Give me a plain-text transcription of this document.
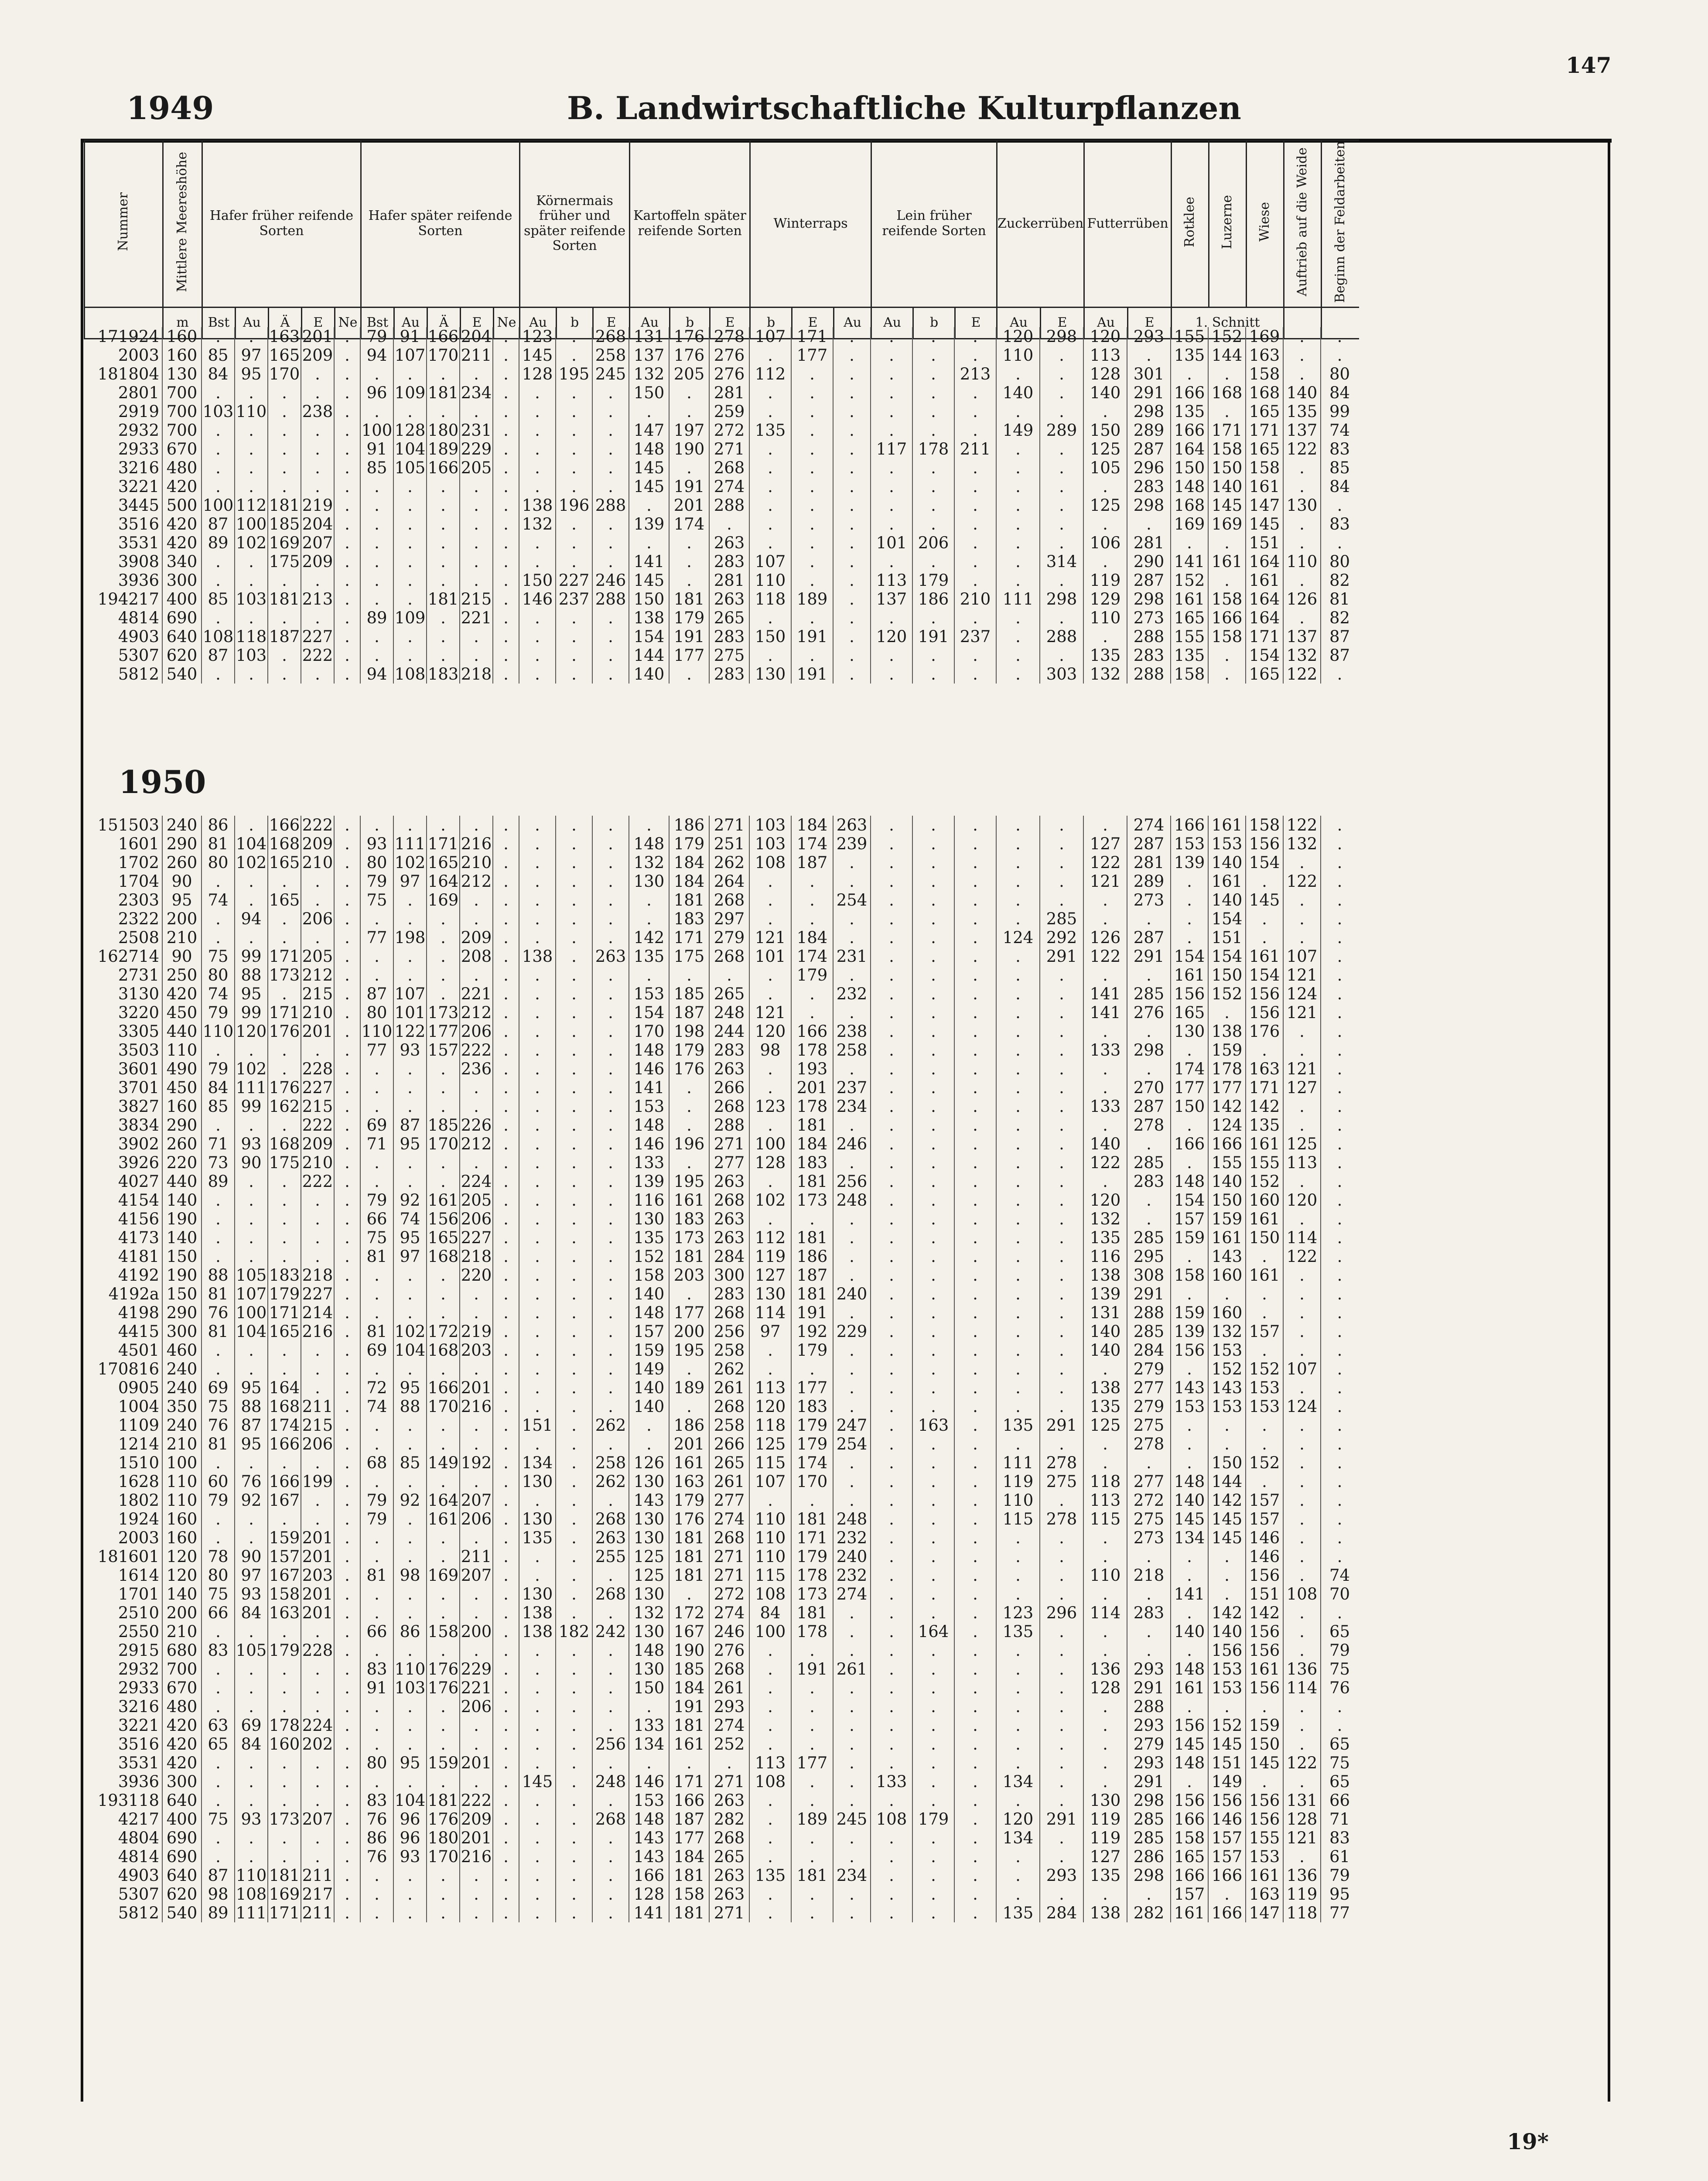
147
1949	B. Landwirtschaftliche Kulturpflanzen
Nummer	Mittlere Meereshöhe	Hafer früher reifende Sorten					Hafer später reifende Sorten					Körnermais früher und später reifende Sorten			Kartoffeln später reifende Sorten			Winterraps			Lein früher reifende Sorten			Zuckerrüben		Futterrüben		Rotklee	Luzerne	Wiese	Auftrieb auf die Weide	Beginn der Feldarbeiten
	m	Bst	Au	Ä	E	Ne	Bst	Au	Ä	E	Ne	Au	b	E	Au	b	E	b	E	Au	Au	b	E	Au	E	Au	E	1. Schnitt				
1950
171924	160	.	.	163	201	.	79	91	166	204	.	123	.	268	131	176	278	107	171	.	.	.	.	120	298	120	293	155	152	169	.	.
2003	160	85	97	165	209	.	94	107	170	211	.	145	.	258	137	176	276	.	177	.	.	.	.	110	.	113	.	135	144	163	.	.
181804	130	84	95	170	.	.	.	.	.	.	.	128	195	245	132	205	276	112	.	.	.	.	213	.	.	128	301	.	.	158	.	80
2801	700	.	.	.	.	.	96	109	181	234	.	.	.	.	150	.	281	.	.	.	.	.	.	140	.	140	291	166	168	168	140	84
2919	700	103	110	.	238	.	.	.	.	.	.	.	.	.	.	.	259	.	.	.	.	.	.	.	.	.	298	135	.	165	135	99
2932	700	.	.	.	.	.	100	128	180	231	.	.	.	.	147	197	272	135	.	.	.	.	.	149	289	150	289	166	171	171	137	74
2933	670	.	.	.	.	.	91	104	189	229	.	.	.	.	148	190	271	.	.	.	117	178	211	.	.	125	287	164	158	165	122	83
3216	480	.	.	.	.	.	85	105	166	205	.	.	.	.	145	.	268	.	.	.	.	.	.	.	.	105	296	150	150	158	.	85
3221	420	.	.	.	.	.	.	.	.	.	.	.	.	.	145	191	274	.	.	.	.	.	.	.	.	.	283	148	140	161	.	84
3445	500	100	112	181	219	.	.	.	.	.	.	138	196	288	.	201	288	.	.	.	.	.	.	.	.	125	298	168	145	147	130	.
3516	420	87	100	185	204	.	.	.	.	.	.	132	.	.	139	174	.	.	.	.	.	.	.	.	.	.	.	169	169	145	.	83
3531	420	89	102	169	207	.	.	.	.	.	.	.	.	.	.	.	263	.	.	.	101	206	.	.	.	106	281	.	.	151	.	.
3908	340	.	.	175	209	.	.	.	.	.	.	.	.	.	141	.	283	107	.	.	.	.	.	.	314	.	290	141	161	164	110	80
3936	300	.	.	.	.	.	.	.	.	.	.	150	227	246	145	.	281	110	.	.	113	179	.	.	.	119	287	152	.	161	.	82
194217	400	85	103	181	213	.	.	.	181	215	.	146	237	288	150	181	263	118	189	.	137	186	210	111	298	129	298	161	158	164	126	81
4814	690	.	.	.	.	.	89	109	.	221	.	.	.	.	138	179	265	.	.	.	.	.	.	.	.	110	273	165	166	164	.	82
4903	640	108	118	187	227	.	.	.	.	.	.	.	.	.	154	191	283	150	191	.	120	191	237	.	288	.	288	155	158	171	137	87
5307	620	87	103	.	222	.	.	.	.	.	.	.	.	.	144	177	275	.	.	.	.	.	.	.	.	135	283	135	.	154	132	87
5812	540	.	.	.	.	.	94	108	183	218	.	.	.	.	140	.	283	130	191	.	.	.	.	.	303	132	288	158	.	165	122	.
151503	240	86	.	166	222	.	.	.	.	.	.	.	.	.	.	186	271	103	184	263	.	.	.	.	.	.	274	166	161	158	122	.
1601	290	81	104	168	209	.	93	111	171	216	.	.	.	.	148	179	251	103	174	239	.	.	.	.	.	127	287	153	153	156	132	.
1702	260	80	102	165	210	.	80	102	165	210	.	.	.	.	132	184	262	108	187	.	.	.	.	.	.	122	281	139	140	154	.	.
1704	90	.	.	.	.	.	79	97	164	212	.	.	.	.	130	184	264	.	.	.	.	.	.	.	.	121	289	.	161	.	122	.
2303	95	74	.	165	.	.	75	.	169	.	.	.	.	.	.	181	268	.	.	254	.	.	.	.	.	.	273	.	140	145	.	.
2322	200	.	94	.	206	.	.	.	.	.	.	.	.	.	.	183	297	.	.	.	.	.	.	.	285	.	.	.	154	.	.	.
2508	210	.	.	.	.	.	77	198	.	209	.	.	.	.	142	171	279	121	184	.	.	.	.	124	292	126	287	.	151	.	.	.
162714	90	75	99	171	205	.	.	.	.	208	.	138	.	263	135	175	268	101	174	231	.	.	.	.	291	122	291	154	154	161	107	.
2731	250	80	88	173	212	.	.	.	.	.	.	.	.	.	.	.	.	.	179	.	.	.	.	.	.	.	.	161	150	154	121	.
3130	420	74	95	.	215	.	87	107	.	221	.	.	.	.	153	185	265	.	.	232	.	.	.	.	.	141	285	156	152	156	124	.
3220	450	79	99	171	210	.	80	101	173	212	.	.	.	.	154	187	248	121	.	.	.	.	.	.	.	141	276	165	.	156	121	.
3305	440	110	120	176	201	.	110	122	177	206	.	.	.	.	170	198	244	120	166	238	.	.	.	.	.	.	.	130	138	176	.	.
3503	110	.	.	.	.	.	77	93	157	222	.	.	.	.	148	179	283	98	178	258	.	.	.	.	.	133	298	.	159	.	.	.
3601	490	79	102	.	228	.	.	.	.	236	.	.	.	.	146	176	263	.	193	.	.	.	.	.	.	.	.	174	178	163	121	.
3701	450	84	111	176	227	.	.	.	.	.	.	.	.	.	141	.	266	.	201	237	.	.	.	.	.	.	270	177	177	171	127	.
3827	160	85	99	162	215	.	.	.	.	.	.	.	.	.	153	.	268	123	178	234	.	.	.	.	.	133	287	150	142	142	.	.
3834	290	.	.	.	222	.	69	87	185	226	.	.	.	.	148	.	288	.	181	.	.	.	.	.	.	.	278	.	124	135	.	.
3902	260	71	93	168	209	.	71	95	170	212	.	.	.	.	146	196	271	100	184	246	.	.	.	.	.	140	.	166	166	161	125	.
3926	220	73	90	175	210	.	.	.	.	.	.	.	.	.	133	.	277	128	183	.	.	.	.	.	.	122	285	.	155	155	113	.
4027	440	89	.	.	222	.	.	.	.	224	.	.	.	.	139	195	263	.	181	256	.	.	.	.	.	.	283	148	140	152	.	.
4154	140	.	.	.	.	.	79	92	161	205	.	.	.	.	116	161	268	102	173	248	.	.	.	.	.	120	.	154	150	160	120	.
4156	190	.	.	.	.	.	66	74	156	206	.	.	.	.	130	183	263	.	.	.	.	.	.	.	.	132	.	157	159	161	.	.
4173	140	.	.	.	.	.	75	95	165	227	.	.	.	.	135	173	263	112	181	.	.	.	.	.	.	135	285	159	161	150	114	.
4181	150	.	.	.	.	.	81	97	168	218	.	.	.	.	152	181	284	119	186	.	.	.	.	.	.	116	295	.	143	.	122	.
4192	190	88	105	183	218	.	.	.	.	220	.	.	.	.	158	203	300	127	187	.	.	.	.	.	.	138	308	158	160	161	.	.
4192a	150	81	107	179	227	.	.	.	.	.	.	.	.	.	140	.	283	130	181	240	.	.	.	.	.	139	291	.	.	.	.	.
4198	290	76	100	171	214	.	.	.	.	.	.	.	.	.	148	177	268	114	191	.	.	.	.	.	.	131	288	159	160	.	.	.
4415	300	81	104	165	216	.	81	102	172	219	.	.	.	.	157	200	256	97	192	229	.	.	.	.	.	140	285	139	132	157	.	.
4501	460	.	.	.	.	.	69	104	168	203	.	.	.	.	159	195	258	.	179	.	.	.	.	.	.	140	284	156	153	.	.	.
170816	240	.	.	.	.	.	.	.	.	.	.	.	.	.	149	.	262	.	.	.	.	.	.	.	.	.	279	.	152	152	107	.
0905	240	69	95	164	.	.	72	95	166	201	.	.	.	.	140	189	261	113	177	.	.	.	.	.	.	138	277	143	143	153	.	.
1004	350	75	88	168	211	.	74	88	170	216	.	.	.	.	140	.	268	120	183	.	.	.	.	.	.	135	279	153	153	153	124	.
1109	240	76	87	174	215	.	.	.	.	.	.	151	.	262	.	186	258	118	179	247	.	163	.	135	291	125	275	.	.	.	.	.
1214	210	81	95	166	206	.	.	.	.	.	.	.	.	.	.	201	266	125	179	254	.	.	.	.	.	.	278	.	.	.	.	.
1510	100	.	.	.	.	.	68	85	149	192	.	134	.	258	126	161	265	115	174	.	.	.	.	111	278	.	.	.	150	152	.	.
1628	110	60	76	166	199	.	.	.	.	.	.	130	.	262	130	163	261	107	170	.	.	.	.	119	275	118	277	148	144	.	.	.
1802	110	79	92	167	.	.	79	92	164	207	.	.	.	.	143	179	277	.	.	.	.	.	.	110	.	113	272	140	142	157	.	.
1924	160	.	.	.	.	.	79	.	161	206	.	130	.	268	130	176	274	110	181	248	.	.	.	115	278	115	275	145	145	157	.	.
2003	160	.	.	159	201	.	.	.	.	.	.	135	.	263	130	181	268	110	171	232	.	.	.	.	.	.	273	134	145	146	.	.
181601	120	78	90	157	201	.	.	.	.	211	.	.	.	255	125	181	271	110	179	240	.	.	.	.	.	.	.	.	.	146	.	.
1614	120	80	97	167	203	.	81	98	169	207	.	.	.	.	125	181	271	115	178	232	.	.	.	.	.	110	218	.	.	156	.	74
1701	140	75	93	158	201	.	.	.	.	.	.	130	.	268	130	.	272	108	173	274	.	.	.	.	.	.	.	141	.	151	108	70
2510	200	66	84	163	201	.	.	.	.	.	.	138	.	.	132	172	274	84	181	.	.	.	.	123	296	114	283	.	142	142	.	.
2550	210	.	.	.	.	.	66	86	158	200	.	138	182	242	130	167	246	100	178	.	.	164	.	135	.	.	.	140	140	156	.	65
2915	680	83	105	179	228	.	.	.	.	.	.	.	.	.	148	190	276	.	.	.	.	.	.	.	.	.	.	.	156	156	.	79
2932	700	.	.	.	.	.	83	110	176	229	.	.	.	.	130	185	268	.	191	261	.	.	.	.	.	136	293	148	153	161	136	75
2933	670	.	.	.	.	.	91	103	176	221	.	.	.	.	150	184	261	.	.	.	.	.	.	.	.	128	291	161	153	156	114	76
3216	480	.	.	.	.	.	.	.	.	206	.	.	.	.	.	191	293	.	.	.	.	.	.	.	.	.	288	.	.	.	.	.
3221	420	63	69	178	224	.	.	.	.	.	.	.	.	.	133	181	274	.	.	.	.	.	.	.	.	.	293	156	152	159	.	.
3516	420	65	84	160	202	.	.	.	.	.	.	.	.	256	134	161	252	.	.	.	.	.	.	.	.	.	279	145	145	150	.	65
3531	420	.	.	.	.	.	80	95	159	201	.	.	.	.	.	.	.	113	177	.	.	.	.	.	.	.	293	148	151	145	122	75
3936	300	.	.	.	.	.	.	.	.	.	.	145	.	248	146	171	271	108	.	.	133	.	.	134	.	.	291	.	149	.	.	65
193118	640	.	.	.	.	.	83	104	181	222	.	.	.	.	153	166	263	.	.	.	.	.	.	.	.	130	298	156	156	156	131	66
4217	400	75	93	173	207	.	76	96	176	209	.	.	.	268	148	187	282	.	189	245	108	179	.	120	291	119	285	166	146	156	128	71
4804	690	.	.	.	.	.	86	96	180	201	.	.	.	.	143	177	268	.	.	.	.	.	.	134	.	119	285	158	157	155	121	83
4814	690	.	.	.	.	.	76	93	170	216	.	.	.	.	143	184	265	.	.	.	.	.	.	.	.	127	286	165	157	153	.	61
4903	640	87	110	181	211	.	.	.	.	.	.	.	.	.	166	181	263	135	181	234	.	.	.	.	293	135	298	166	166	161	136	79
5307	620	98	108	169	217	.	.	.	.	.	.	.	.	.	128	158	263	.	.	.	.	.	.	.	.	.	.	157	.	163	119	95
5812	540	89	111	171	211	.	.	.	.	.	.	.	.	.	141	181	271	.	.	.	.	.	.	135	284	138	282	161	166	147	118	77
19*
